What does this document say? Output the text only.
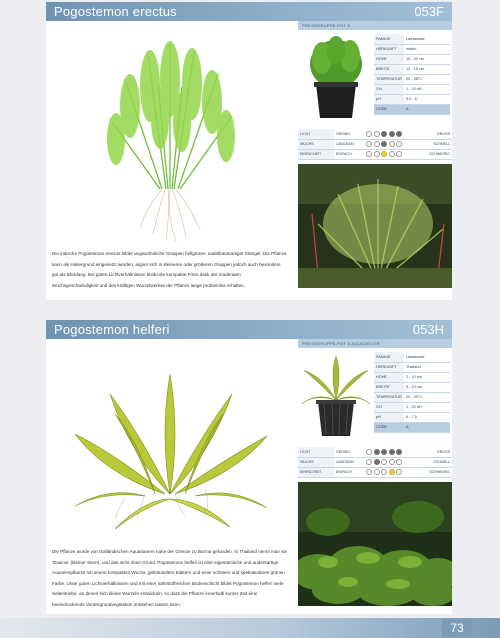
Pogostemon erectus	053F
Die indische Pogostemon erectus bildet ungewöhnliche Gruppen hellgrüner, nadelbaumartiger Stängel. Die Pflanze kann als Hintergrund eingesetzt werden, eignet sich in kleineren oder größeren Gruppen jedoch auch besonders gut als Blickfang. Bei guten Lichtverhältnissen bleibt die kompakte Form dank der moderaten Wuchsgeschwindigkeit und des kräftigen Wurzelwerkes der Pflanze lange problemlos erhalten.
PRESSGRUPPE POT 5
FAMILIE	Lamiaceae
HERKUNFT	Indien
HÖHE	15 - 40 cm
BREITE	10 - 15 cm
TEMPERATUR	20 - 28°C
GH	1 - 20 dH
pH	5,0 - 8
CODE	A
LICHT	GERING		GROSS
WUCHS	LANGSAM		SCHNELL
EINFACHEIT	EINFACH		SCHWIERIG
Pogostemon helferi	053H
Die Pflanze wurde von thailändischen Aquarianern nahe der Grenze zu Burma gefunden. In Thailand nennt man sie 'Dauinoi' (kleiner Stern), und das nicht ohne Grund. Pogostemon helferi ist eine eigentümliche und andersartige Aquarienpflanze mit einem kompakten Wuchs, gekräuselten Blättern und einer schönen und spektakulären grünen Farbe. Unter guten Lichtverhältnissen und mit einer nährstoffreichen Bodenschicht bildet Pogostemon helferi viele Seitentriebe, an denen sich kleine Wurzeln entwickeln, so dass die Pflanze innerhalb kurzer Zeit eine beeindruckende Vordergrundvegetation entstehen lassen kann.
PRESSGRUPPE POT 5 AQUADECOR
FAMILIE	Lamiaceae
HERKUNFT	Thailand
HÖHE	2 - 10 cm
BREITE	5 - 10 cm
TEMPERATUR	20 - 30°C
GH	1 - 20 dH
pH	6 - 7,5
CODE	A
LICHT	GERING		GROSS
WUCHS	LANGSAM		SCHNELL
EINFACHEIT	EINFACH		SCHWIERIG
73
